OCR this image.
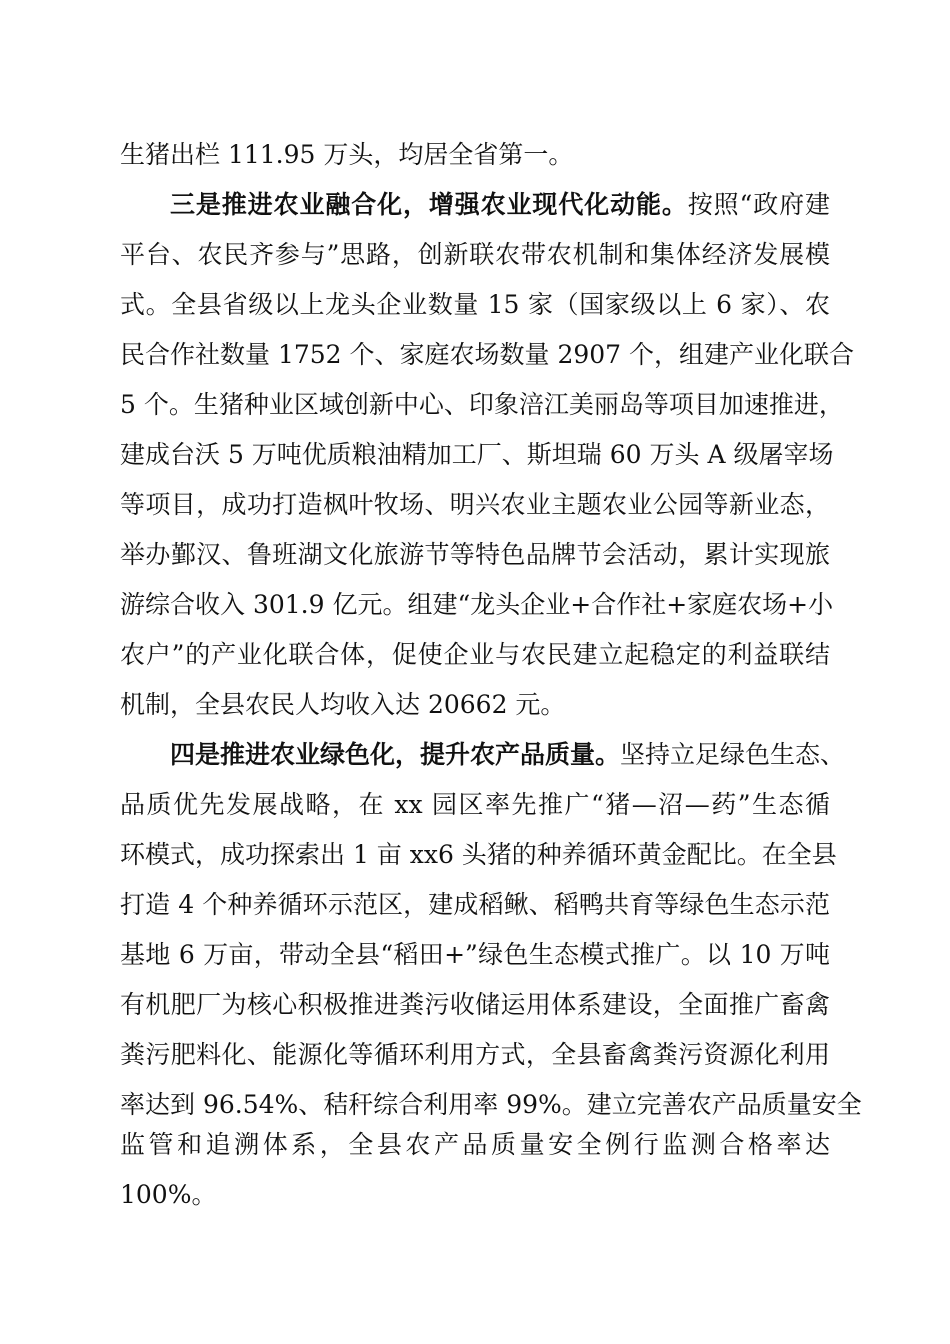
生猪出栏 111.95 万头，均居全省第一。
三是推进农业融合化，增强农业现代化动能。按照“政府建
平台、农民齐参与”思路，创新联农带农机制和集体经济发展模
式。全县省级以上龙头企业数量 15 家（国家级以上 6 家）、农
民合作社数量 1752 个、家庭农场数量 2907 个，组建产业化联合
5 个。生猪种业区域创新中心、印象涪江美丽岛等项目加速推进，
建成台沃 5 万吨优质粮油精加工厂、斯坦瑞 60 万头 A 级屠宰场
等项目，成功打造枫叶牧场、明兴农业主题农业公园等新业态，
举办鄞汉、鲁班湖文化旅游节等特色品牌节会活动，累计实现旅
游综合收入 301.9 亿元。组建“龙头企业+合作社+家庭农场+小
农户”的产业化联合体，促使企业与农民建立起稳定的利益联结
机制，全县农民人均收入达 20662 元。
四是推进农业绿色化，提升农产品质量。坚持立足绿色生态、
品质优先发展战略，在 xx 园区率先推广“猪—沼—药”生态循
环模式，成功探索出 1 亩 xx6 头猪的种养循环黄金配比。在全县
打造 4 个种养循环示范区，建成稻鳅、稻鸭共育等绿色生态示范
基地 6 万亩，带动全县“稻田+”绿色生态模式推广。以 10 万吨
有机肥厂为核心积极推进粪污收储运用体系建设，全面推广畜禽
粪污肥料化、能源化等循环利用方式，全县畜禽粪污资源化利用
率达到 96.54%、秸秆综合利用率 99%。建立完善农产品质量安全
监管和追溯体系，全县农产品质量安全例行监测合格率达
100%。
